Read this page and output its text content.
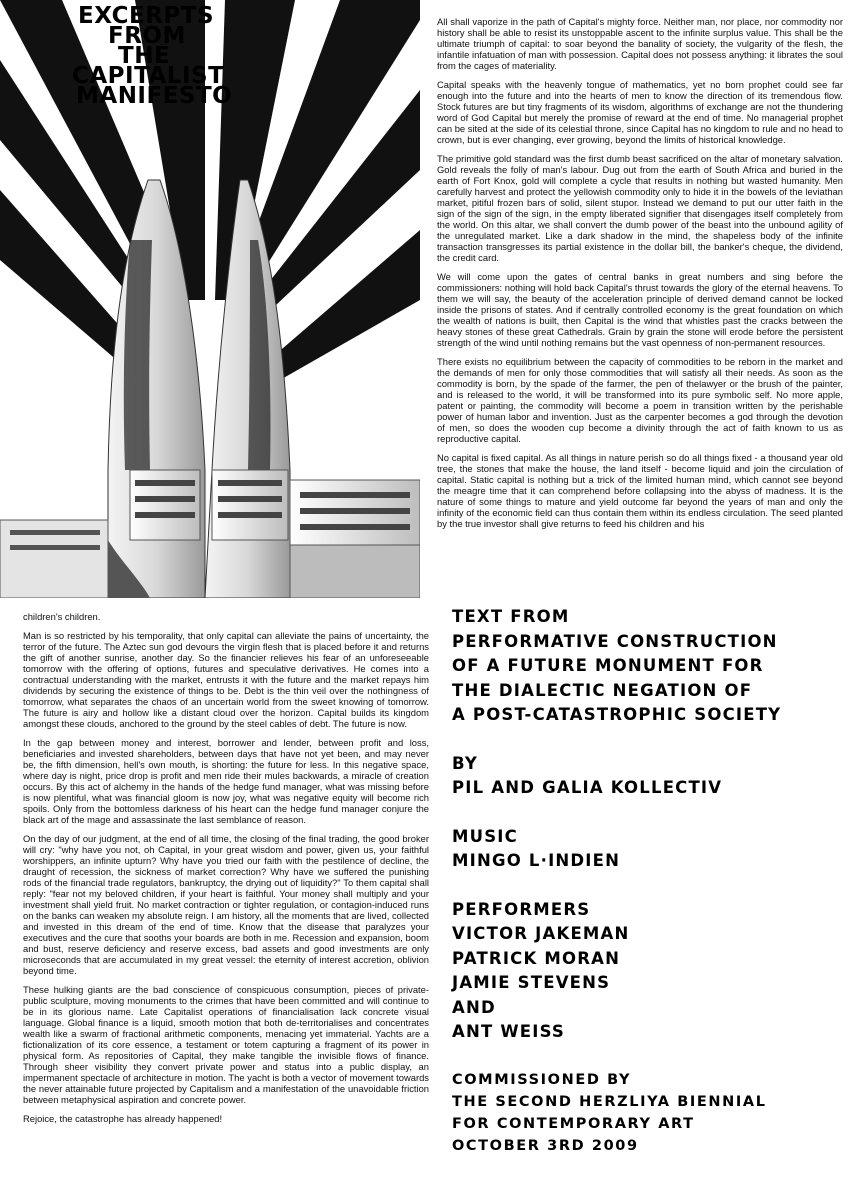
EXCERPTS
FROM
THE
CAPITALIST
MANIFESTO

All shall vaporize in the path of Capital's mighty force. Neither man, nor place, nor commodity nor history shall be able to resist its unstoppable ascent to the infinite surplus value. This shall be the ultimate triumph of capital: to soar beyond the banality of society, the vulgarity of the flesh, the infantile infatuation of man with possession. Capital does not possess anything: it librates the soul from the cages of materiality.

Capital speaks with the heavenly tongue of mathematics, yet no born prophet could see far enough into the future and into the hearts of men to know the direction of its tremendous flow. Stock futures are but tiny fragments of its wisdom, algorithms of exchange are not the thundering word of God Capital but merely the promise of reward at the end of time. No managerial prophet can be sited at the side of its celestial throne, since Capital has no kingdom to rule and no head to crown, but is ever changing, ever growing, beyond the limits of historical knowledge.

The primitive gold standard was the first dumb beast sacrificed on the altar of monetary salvation. Gold reveals the folly of man's labour. Dug out from the earth of South Africa and buried in the earth of Fort Knox, gold will complete a cycle that results in nothing but wasted humanity. Men carefully harvest and protect the yellowish commodity only to hide it in the bowels of the leviathan market, pitiful frozen bars of solid, silent stupor. Instead we demand to put our utter faith in the sign of the sign of the sign, in the empty liberated signifier that disengages itself completely from the world. On this altar, we shall convert the dumb power of the beast into the unbound agility of the unregulated market. Like a dark shadow in the mind, the shapeless body of the infinite transaction transgresses its partial existence in the dollar bill, the banker's cheque, the dividend, the credit card.

We will come upon the gates of central banks in great numbers and sing before the commissioners: nothing will hold back Capital's thrust towards the glory of the eternal heavens. To them we will say, the beauty of the acceleration principle of derived demand cannot be locked inside the prisons of states. And if centrally controlled economy is the great foundation on which the wealth of nations is built, then Capital is the wind that whistles past the cracks between the heavy stones of these great Cathedrals. Grain by grain the stone will erode before the persistent strength of the wind until nothing remains but the vast openness of non-permanent resources.

There exists no equilibrium between the capacity of commodities to be reborn in the market and the demands of men for only those commodities that will satisfy all their needs. As soon as the commodity is born, by the spade of the farmer, the pen of thelawyer or the brush of the painter, and is released to the world, it will be transformed into its pure symbolic self. No more apple, patent or painting, the commodity will become a poem in transition written by the perishable power of human labor and invention. Just as the carpenter becomes a god through the devotion of men, so does the wooden cup become a divinity through the act of faith known to us as reproductive capital.

No capital is fixed capital. As all things in nature perish so do all things fixed - a thousand year old tree, the stones that make the house, the land itself - become liquid and join the circulation of capital. Static capital is nothing but a trick of the limited human mind, which cannot see beyond the meagre time that it can comprehend before collapsing into the abyss of madness. It is the nature of some things to mature and yield outcome far beyond the years of man and only the infinity of the economic field can thus contain them within its endless circulation. The seed planted by the true investor shall give returns to feed his children and his

children's children.

Man is so restricted by his temporality, that only capital can alleviate the pains of uncertainty, the terror of the future. The Aztec sun god devours the virgin flesh that is placed before it and returns the gift of another sunrise, another day. So the financier relieves his fear of an unforeseeable tomorrow with the offering of options, futures and speculative derivatives. He comes into a contractual understanding with the market, entrusts it with the future and the market repays him dividends by securing the existence of things to be. Debt is the thin veil over the nothingness of tomorrow, what separates the chaos of an uncertain world from the sweet knowing of tomorrow. The future is airy and hollow like a distant cloud over the horizon. Capital builds its kingdom amongst these clouds, anchored to the ground by the steel cables of debt. The future is now.

In the gap between money and interest, borrower and lender, between profit and loss, beneficiaries and invested shareholders, between days that have not yet been, and may never be, the fifth dimension, hell's own mouth, is shorting: the future for less. In this negative space, where day is night, price drop is profit and men ride their mules backwards, a miracle of creation occurs. By this act of alchemy in the hands of the hedge fund manager, what was missing before is now plentiful, what was financial gloom is now joy, what was negative equity will become rich spoils. Only from the bottomless darkness of his heart can the hedge fund manager conjure the black art of the mage and assassinate the last semblance of reason.

On the day of our judgment, at the end of all time, the closing of the final trading, the good broker will cry: "why have you not, oh Capital, in your great wisdom and power, given us, your faithful worshippers, an infinite upturn? Why have you tried our faith with the pestilence of decline, the draught of recession, the sickness of market correction? Why have we suffered the punishing rods of the financial trade regulators, bankruptcy, the drying out of liquidity?" To them capital shall reply: "fear not my beloved children, if your heart is faithful. Your money shall multiply and your investment shall yield fruit. No market contraction or tighter regulation, or contagion-induced runs on the banks can weaken my absolute reign. I am history, all the moments that are lived, collected and invested in this dream of the end of time. Know that the disease that paralyzes your executives and the cure that sooths your boards are both in me. Recession and expansion, boom and bust, reserve deficiency and reserve excess, bad assets and good investments are only microseconds that are accumulated in my great vessel: the eternity of interest accretion, oblivion beyond time.

These hulking giants are the bad conscience of conspicuous consumption, pieces of private-public sculpture, moving monuments to the crimes that have been committed and will continue to be in its glorious name. Late Capitalist operations of financialisation lack concrete visual language. Global finance is a liquid, smooth motion that both de-territorialises and concentrates wealth like a swarm of fractional arithmetic components, menacing yet immaterial. Yachts are a fictionalization of its core essence, a testament or totem capturing a fragment of its power in physical form. As repositories of Capital, they make tangible the invisible flows of finance. Through sheer visibility they convert private power and status into a public display, an impermanent spectacle of architecture in motion. The yacht is both a vector of movement towards the never attainable future projected by Capitalism and a manifestation of the unavoidable friction between metaphysical aspiration and concrete power.

Rejoice, the catastrophe has already happened!

TEXT FROM
PERFORMATIVE CONSTRUCTION
OF A FUTURE MONUMENT FOR
THE DIALECTIC NEGATION OF
A POST-CATASTROPHIC SOCIETY
BY
PIL AND GALIA KOLLECTIV
MUSIC
MINGO L·INDIEN
PERFORMERS
VICTOR JAKEMAN
PATRICK MORAN
JAMIE STEVENS
AND
ANT WEISS
COMMISSIONED BY
THE SECOND HERZLIYA BIENNIAL
FOR CONTEMPORARY ART
OCTOBER 3RD 2009
